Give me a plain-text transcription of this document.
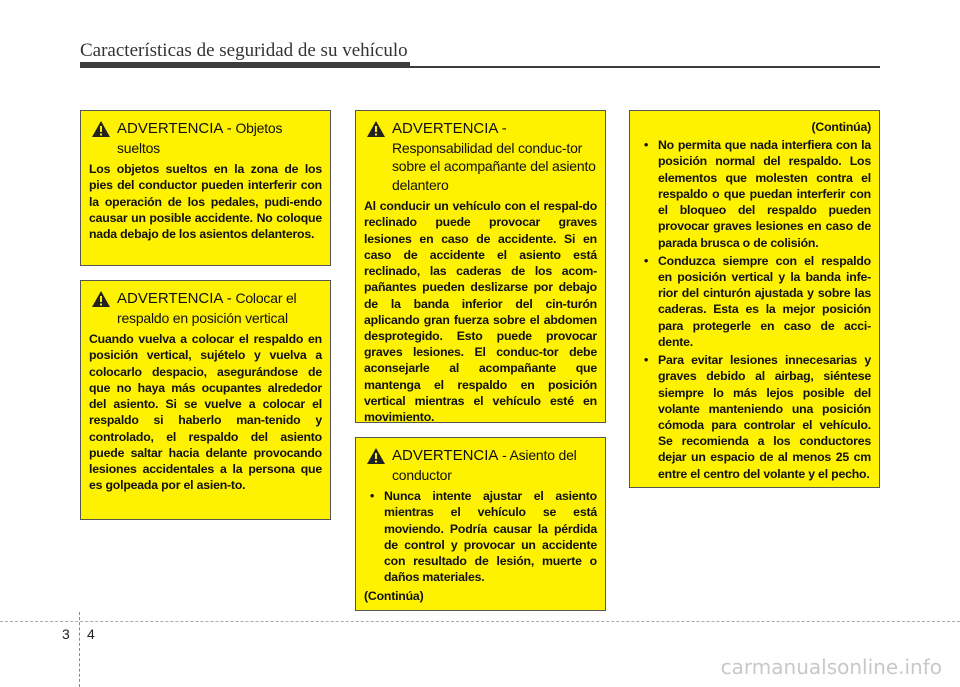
Características de seguridad de su vehículo
ADVERTENCIA - Objetos sueltos
Los objetos sueltos en la zona de los pies del conductor pueden interferir con la operación de los pedales, pudi-endo causar un posible accidente. No coloque nada debajo de los asientos delanteros.
ADVERTENCIA - Colocar el respaldo en posición vertical
Cuando vuelva a colocar el respaldo en posición vertical, sujételo y vuelva a colocarlo despacio, asegurándose de que no haya más ocupantes alrededor del asiento. Si se vuelve a colocar el respaldo si haberlo man-tenido y controlado, el respaldo del asiento puede saltar hacia delante provocando lesiones accidentales a la persona que es golpeada por el asien-to.
ADVERTENCIA -
Responsabilidad del conduc-tor sobre el acompañante del asiento delantero
Al conducir un vehículo con el respal-do reclinado puede provocar graves lesiones en caso de accidente. Si en caso de accidente el asiento está reclinado, las caderas de los acom-pañantes pueden deslizarse por debajo de la banda inferior del cin-turón aplicando gran fuerza sobre el abdomen desprotegido. Esto puede provocar graves lesiones. El conduc-tor debe aconsejarle al acompañante que mantenga el respaldo en posición vertical mientras el vehículo esté en movimiento.
ADVERTENCIA - Asiento del conductor
• Nunca intente ajustar el asiento mientras el vehículo se está moviendo. Podría causar la pérdida de control y provocar un accidente con resultado de lesión, muerte o daños materiales.
(Continúa)
(Continúa)
• No permita que nada interfiera con la posición normal del respaldo. Los elementos que molesten contra el respaldo o que puedan interferir con el bloqueo del respaldo pueden provocar graves lesiones en caso de parada brusca o de colisión.
• Conduzca siempre con el respaldo en posición vertical y la banda infe-rior del cinturón ajustada y sobre las caderas. Esta es la mejor posición para protegerle en caso de acci-dente.
• Para evitar lesiones innecesarias y graves debido al airbag, siéntese siempre lo más lejos posible del volante manteniendo una posición cómoda para controlar el vehículo. Se recomienda a los conductores dejar un espacio de al menos 25 cm entre el centro del volante y el pecho.
3 4
carmanualsonline.info
